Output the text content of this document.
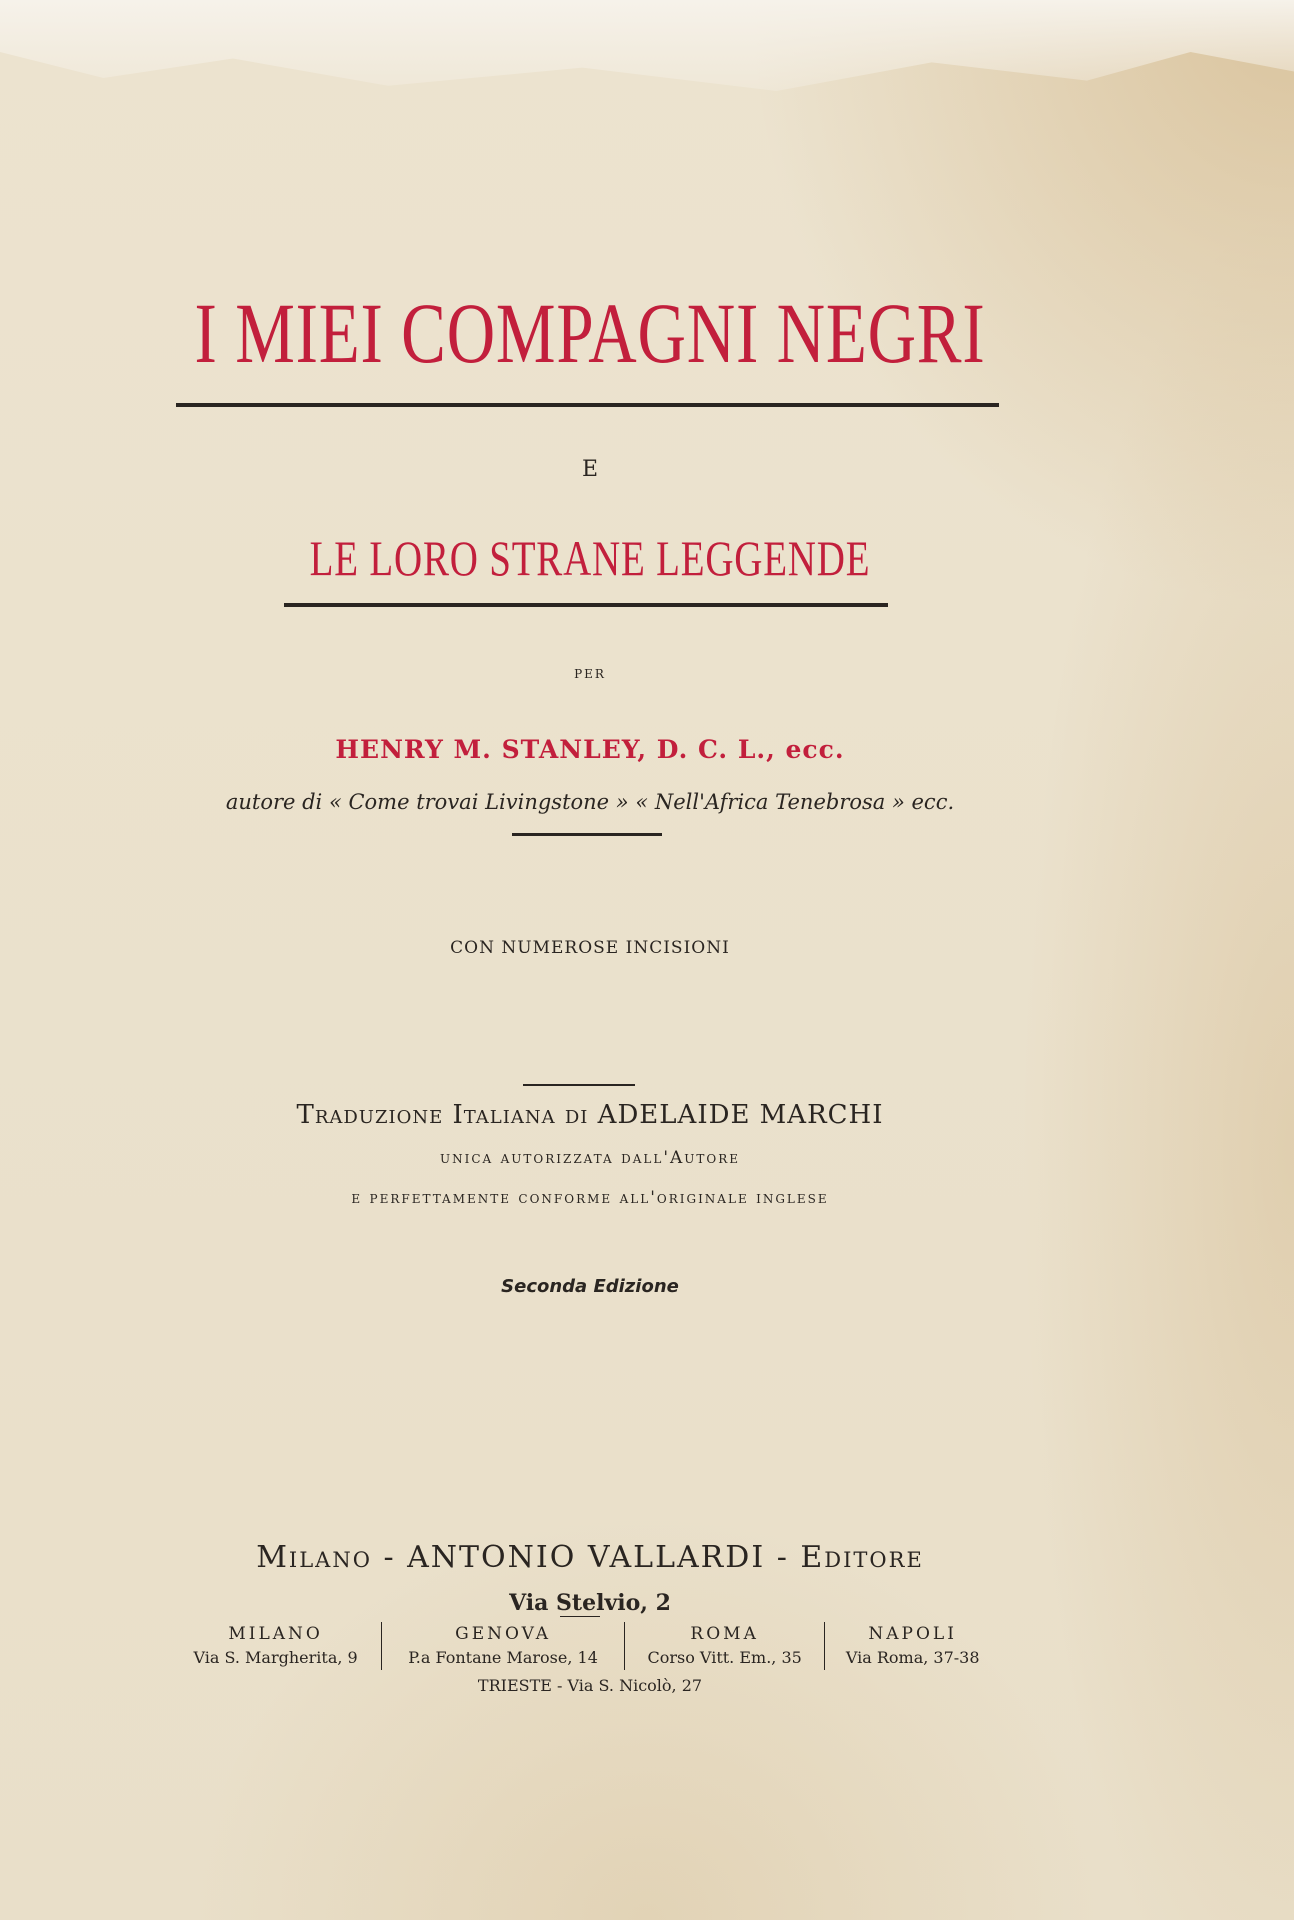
I MIEI COMPAGNI NEGRI
E
LE LORO STRANE LEGGENDE
PER
HENRY M. STANLEY, D. C. L., ecc.
autore di « Come trovai Livingstone » « Nell'Africa Tenebrosa » ecc.
CON NUMEROSE INCISIONI
Traduzione Italiana di ADELAIDE MARCHI
unica autorizzata dall'Autore
e perfettamente conforme all'originale inglese
Seconda Edizione
Milano - ANTONIO VALLARDI - Editore
Via Stelvio, 2
MILANO
Via S. Margherita, 9

GENOVA
P.a Fontane Marose, 14

ROMA
Corso Vitt. Em., 35

NAPOLI
Via Roma, 37-38
TRIESTE - Via S. Nicolò, 27
